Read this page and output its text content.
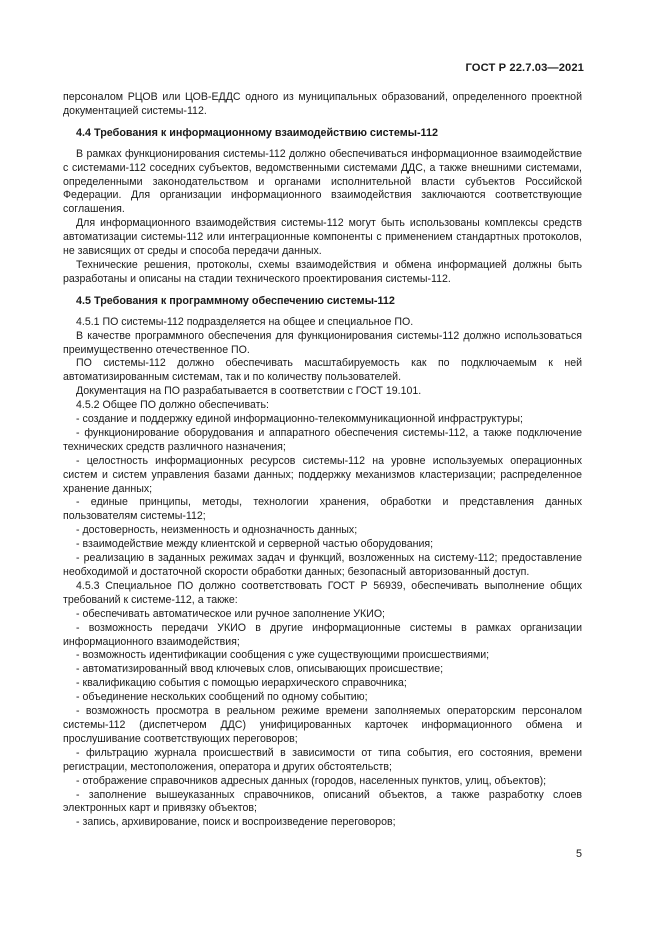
ГОСТ Р 22.7.03—2021

персоналом РЦОВ или ЦОВ-ЕДДС одного из муниципальных образований, определенного проектной документацией системы-112.

4.4 Требования к информационному взаимодействию системы-112

В рамках функционирования системы-112 должно обеспечиваться информационное взаимодействие с системами-112 соседних субъектов, ведомственными системами ДДС, а также внешними системами, определенными законодательством и органами исполнительной власти субъектов Российской Федерации. Для организации информационного взаимодействия заключаются соответствующие соглашения.

Для информационного взаимодействия системы-112 могут быть использованы комплексы средств автоматизации системы-112 или интеграционные компоненты с применением стандартных протоколов, не зависящих от среды и способа передачи данных.

Технические решения, протоколы, схемы взаимодействия и обмена информацией должны быть разработаны и описаны на стадии технического проектирования системы-112.

4.5 Требования к программному обеспечению системы-112

4.5.1 ПО системы-112 подразделяется на общее и специальное ПО.

В качестве программного обеспечения для функционирования системы-112 должно использоваться преимущественно отечественное ПО.

ПО системы-112 должно обеспечивать масштабируемость как по подключаемым к ней автоматизированным системам, так и по количеству пользователей.

Документация на ПО разрабатывается в соответствии с ГОСТ 19.101.

4.5.2 Общее ПО должно обеспечивать:

- создание и поддержку единой информационно-телекоммуникационной инфраструктуры;

- функционирование оборудования и аппаратного обеспечения системы-112, а также подключение технических средств различного назначения;

- целостность информационных ресурсов системы-112 на уровне используемых операционных систем и систем управления базами данных; поддержку механизмов кластеризации; распределенное хранение данных;

- единые принципы, методы, технологии хранения, обработки и представления данных пользователям системы-112;

- достоверность, неизменность и однозначность данных;

- взаимодействие между клиентской и серверной частью оборудования;

- реализацию в заданных режимах задач и функций, возложенных на систему-112; предоставление необходимой и достаточной скорости обработки данных; безопасный авторизованный доступ.

4.5.3 Специальное ПО должно соответствовать ГОСТ Р 56939, обеспечивать выполнение общих требований к системе-112, а также:

- обеспечивать автоматическое или ручное заполнение УКИО;

- возможность передачи УКИО в другие информационные системы в рамках организации информационного взаимодействия;

- возможность идентификации сообщения с уже существующими происшествиями;

- автоматизированный ввод ключевых слов, описывающих происшествие;

- квалификацию события с помощью иерархического справочника;

- объединение нескольких сообщений по одному событию;

- возможность просмотра в реальном режиме времени заполняемых операторским персоналом системы-112 (диспетчером ДДС) унифицированных карточек информационного обмена и прослушивание соответствующих переговоров;

- фильтрацию журнала происшествий в зависимости от типа события, его состояния, времени регистрации, местоположения, оператора и других обстоятельств;

- отображение справочников адресных данных (городов, населенных пунктов, улиц, объектов);

- заполнение вышеуказанных справочников, описаний объектов, а также разработку слоев электронных карт и привязку объектов;

- запись, архивирование, поиск и воспроизведение переговоров;

5
